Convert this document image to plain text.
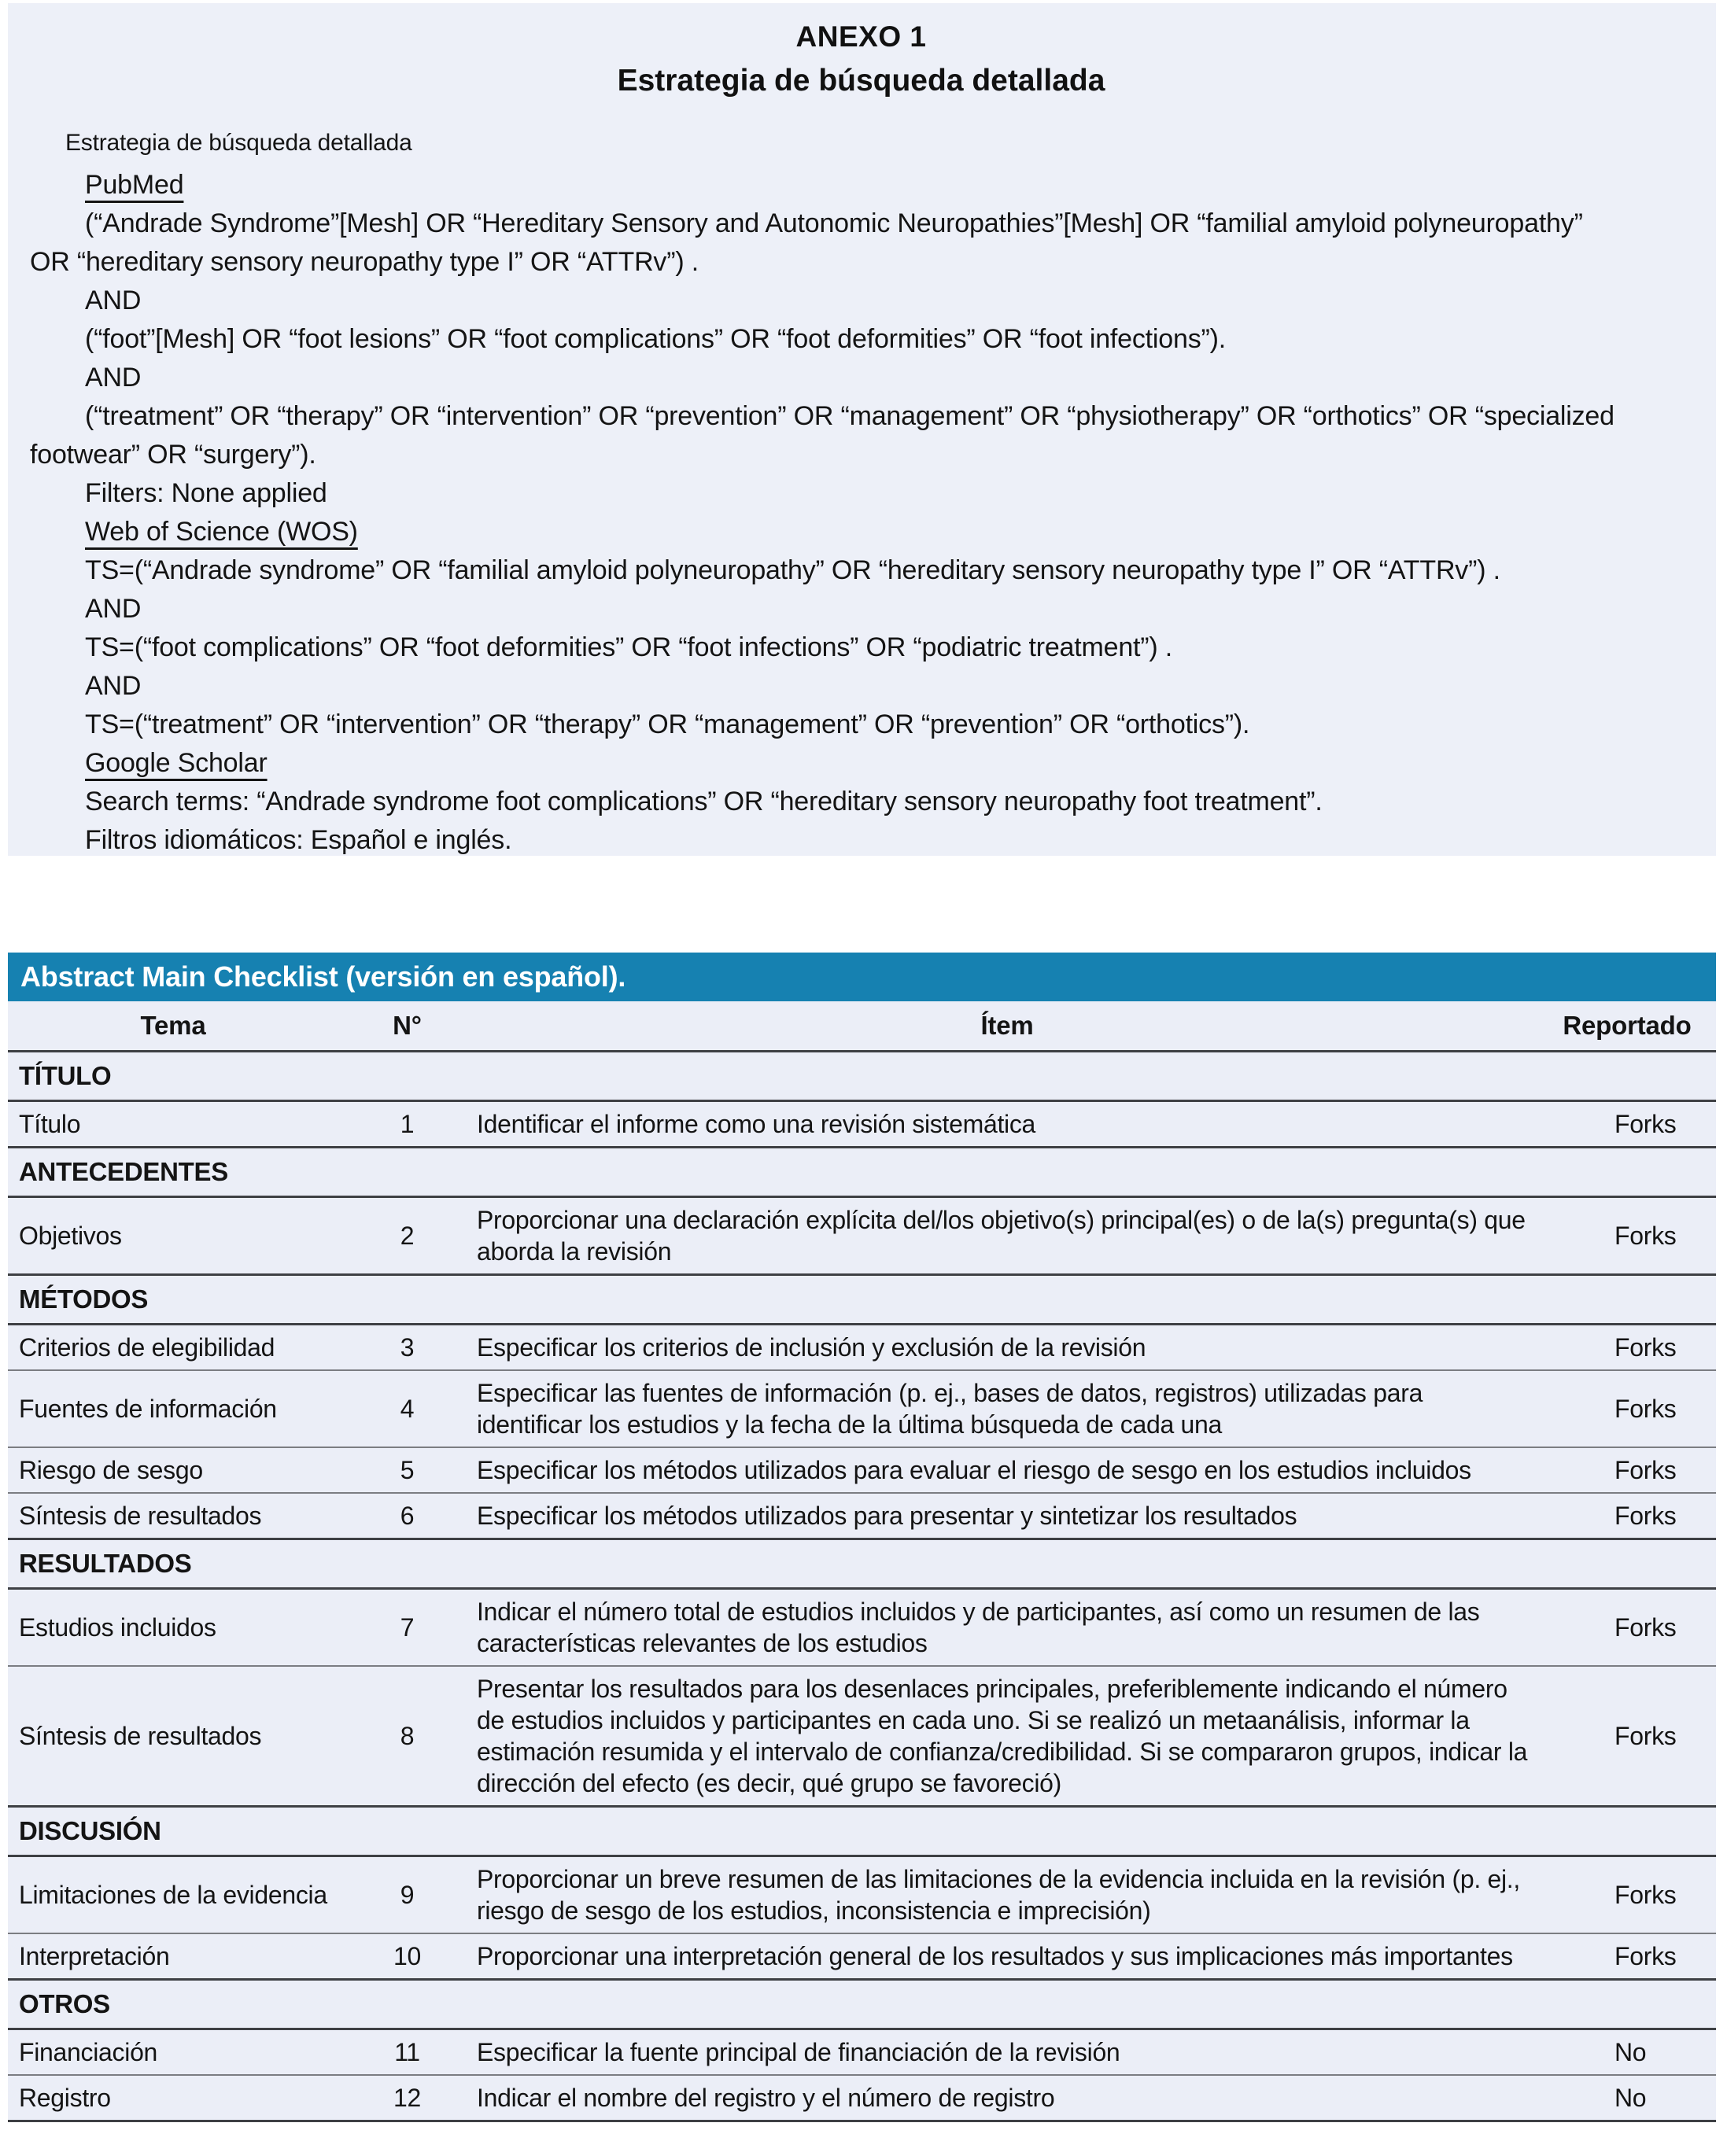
ANEXO 1
Estrategia de búsqueda detallada
Estrategia de búsqueda detallada
PubMed
(“Andrade Syndrome”[Mesh] OR “Hereditary Sensory and Autonomic Neuropathies”[Mesh] OR “familial amyloid polyneuropathy”
OR “hereditary sensory neuropathy type I” OR “ATTRv”) .
AND
(“foot”[Mesh] OR “foot lesions” OR “foot complications” OR “foot deformities” OR “foot infections”).
AND
(“treatment” OR “therapy” OR “intervention” OR “prevention” OR “management” OR “physiotherapy” OR “orthotics” OR “specialized
footwear” OR “surgery”).
Filters: None applied
Web of Science (WOS)
TS=(“Andrade syndrome” OR “familial amyloid polyneuropathy” OR “hereditary sensory neuropathy type I” OR “ATTRv”) .
AND
TS=(“foot complications” OR “foot deformities” OR “foot infections” OR “podiatric treatment”) .
AND
TS=(“treatment” OR “intervention” OR “therapy” OR “management” OR “prevention” OR “orthotics”).
Google Scholar
Search terms: “Andrade syndrome foot complications” OR “hereditary sensory neuropathy foot treatment”.
Filtros idiomáticos: Español e inglés.
Abstract Main Checklist (versión en español).
Tema	N°	Ítem	Reportado
TÍTULO			
Título	1	Identificar el informe como una revisión sistemática	Forks
ANTECEDENTES			
Objetivos	2	Proporcionar una declaración explícita del/los objetivo(s) principal(es) o de la(s) pregunta(s) que aborda la revisión	Forks
MÉTODOS			
Criterios de elegibilidad	3	Especificar los criterios de inclusión y exclusión de la revisión	Forks
Fuentes de información	4	Especificar las fuentes de información (p. ej., bases de datos, registros) utilizadas para identificar los estudios y la fecha de la última búsqueda de cada una	Forks
Riesgo de sesgo	5	Especificar los métodos utilizados para evaluar el riesgo de sesgo en los estudios incluidos	Forks
Síntesis de resultados	6	Especificar los métodos utilizados para presentar y sintetizar los resultados	Forks
RESULTADOS			
Estudios incluidos	7	Indicar el número total de estudios incluidos y de participantes, así como un resumen de las características relevantes de los estudios	Forks
Síntesis de resultados	8	Presentar los resultados para los desenlaces principales, preferiblemente indicando el número de estudios incluidos y participantes en cada uno. Si se realizó un metaanálisis, informar la estimación resumida y el intervalo de confianza/credibilidad. Si se compararon grupos, indicar la dirección del efecto (es decir, qué grupo se favoreció)	Forks
DISCUSIÓN			
Limitaciones de la evidencia	9	Proporcionar un breve resumen de las limitaciones de la evidencia incluida en la revisión (p. ej., riesgo de sesgo de los estudios, inconsistencia e imprecisión)	Forks
Interpretación	10	Proporcionar una interpretación general de los resultados y sus implicaciones más importantes	Forks
OTROS			
Financiación	11	Especificar la fuente principal de financiación de la revisión	No
Registro	12	Indicar el nombre del registro y el número de registro	No
